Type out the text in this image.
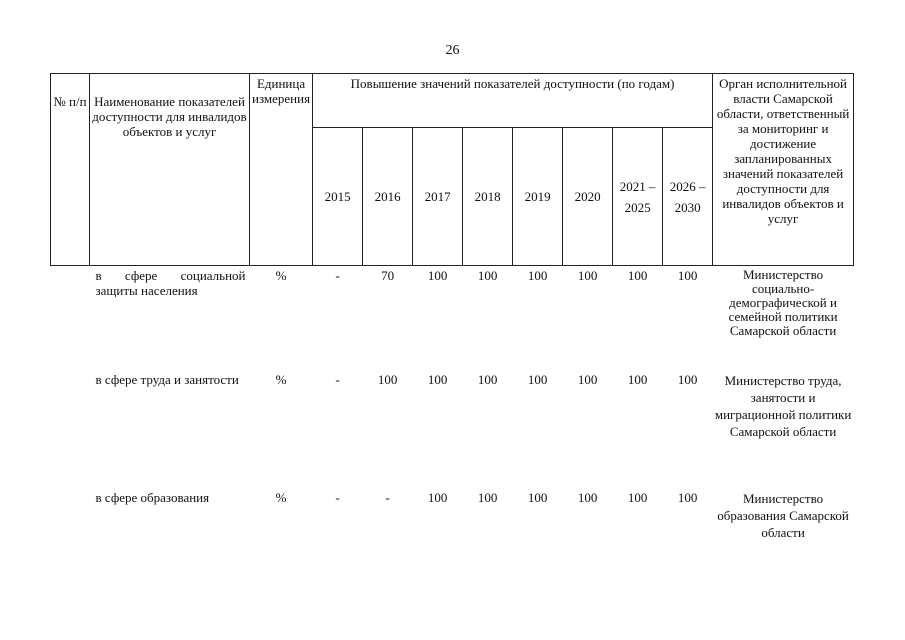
26
№ п/п	Наименование показателей доступности для инвалидов объектов и услуг	Единица измерения	Повышение значений показателей доступности (по годам)								Орган исполнительной власти Самарской области, ответственный за мониторинг и достижение запланированных значений показателей доступности для инвалидов объектов и услуг
			2015	2016	2017	2018	2019	2020	2021 – 2025	2026 – 2030	
	в сфере социальной защиты населения	%	-	70	100	100	100	100	100	100	Министерство социально-демографической и семейной политики Самарской области
	в сфере труда и занятости	%	-	100	100	100	100	100	100	100	Министерство труда, занятости и миграционной политики Самарской области
	в сфере образования	%	-	-	100	100	100	100	100	100	Министерство образования Самарской области
